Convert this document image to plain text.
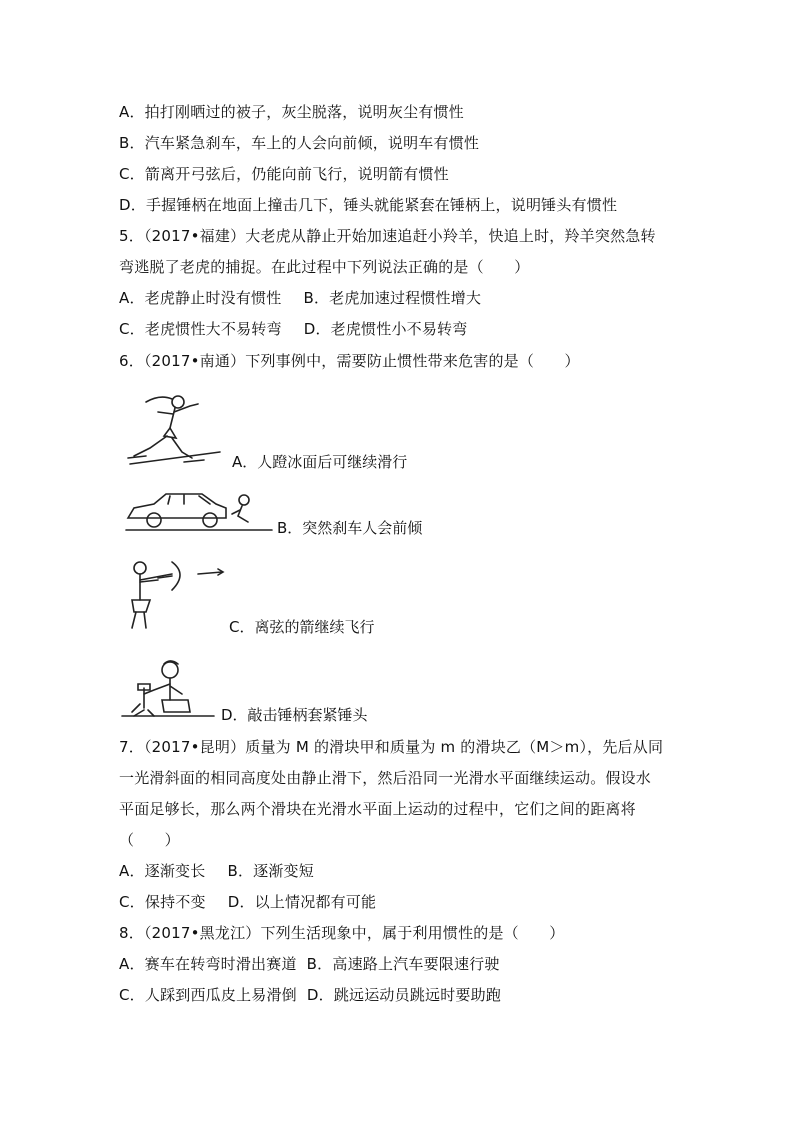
A．拍打刚晒过的被子，灰尘脱落，说明灰尘有惯性
B．汽车紧急刹车，车上的人会向前倾，说明车有惯性
C．箭离开弓弦后，仍能向前飞行，说明箭有惯性
D．手握锤柄在地面上撞击几下，锤头就能紧套在锤柄上，说明锤头有惯性
5．（2017•福建）大老虎从静止开始加速追赶小羚羊，快追上时，羚羊突然急转
弯逃脱了老虎的捕捉。在此过程中下列说法正确的是（　　）
A．老虎静止时没有惯性 B．老虎加速过程惯性增大
C．老虎惯性大不易转弯 D．老虎惯性小不易转弯
6．（2017•南通）下列事例中，需要防止惯性带来危害的是（　　）
A．人蹬冰面后可继续滑行
B．突然刹车人会前倾
C．离弦的箭继续飞行
D．敲击锤柄套紧锤头
7．（2017•昆明）质量为 M 的滑块甲和质量为 m 的滑块乙（M＞m），先后从同
一光滑斜面的相同高度处由静止滑下，然后沿同一光滑水平面继续运动。假设水
平面足够长，那么两个滑块在光滑水平面上运动的过程中，它们之间的距离将
（　　）
A．逐渐变长 B．逐渐变短
C．保持不变 D．以上情况都有可能
8．（2017•黑龙江）下列生活现象中，属于利用惯性的是（　　）
A．赛车在转弯时滑出赛道 B．高速路上汽车要限速行驶
C．人踩到西瓜皮上易滑倒 D．跳远运动员跳远时要助跑
